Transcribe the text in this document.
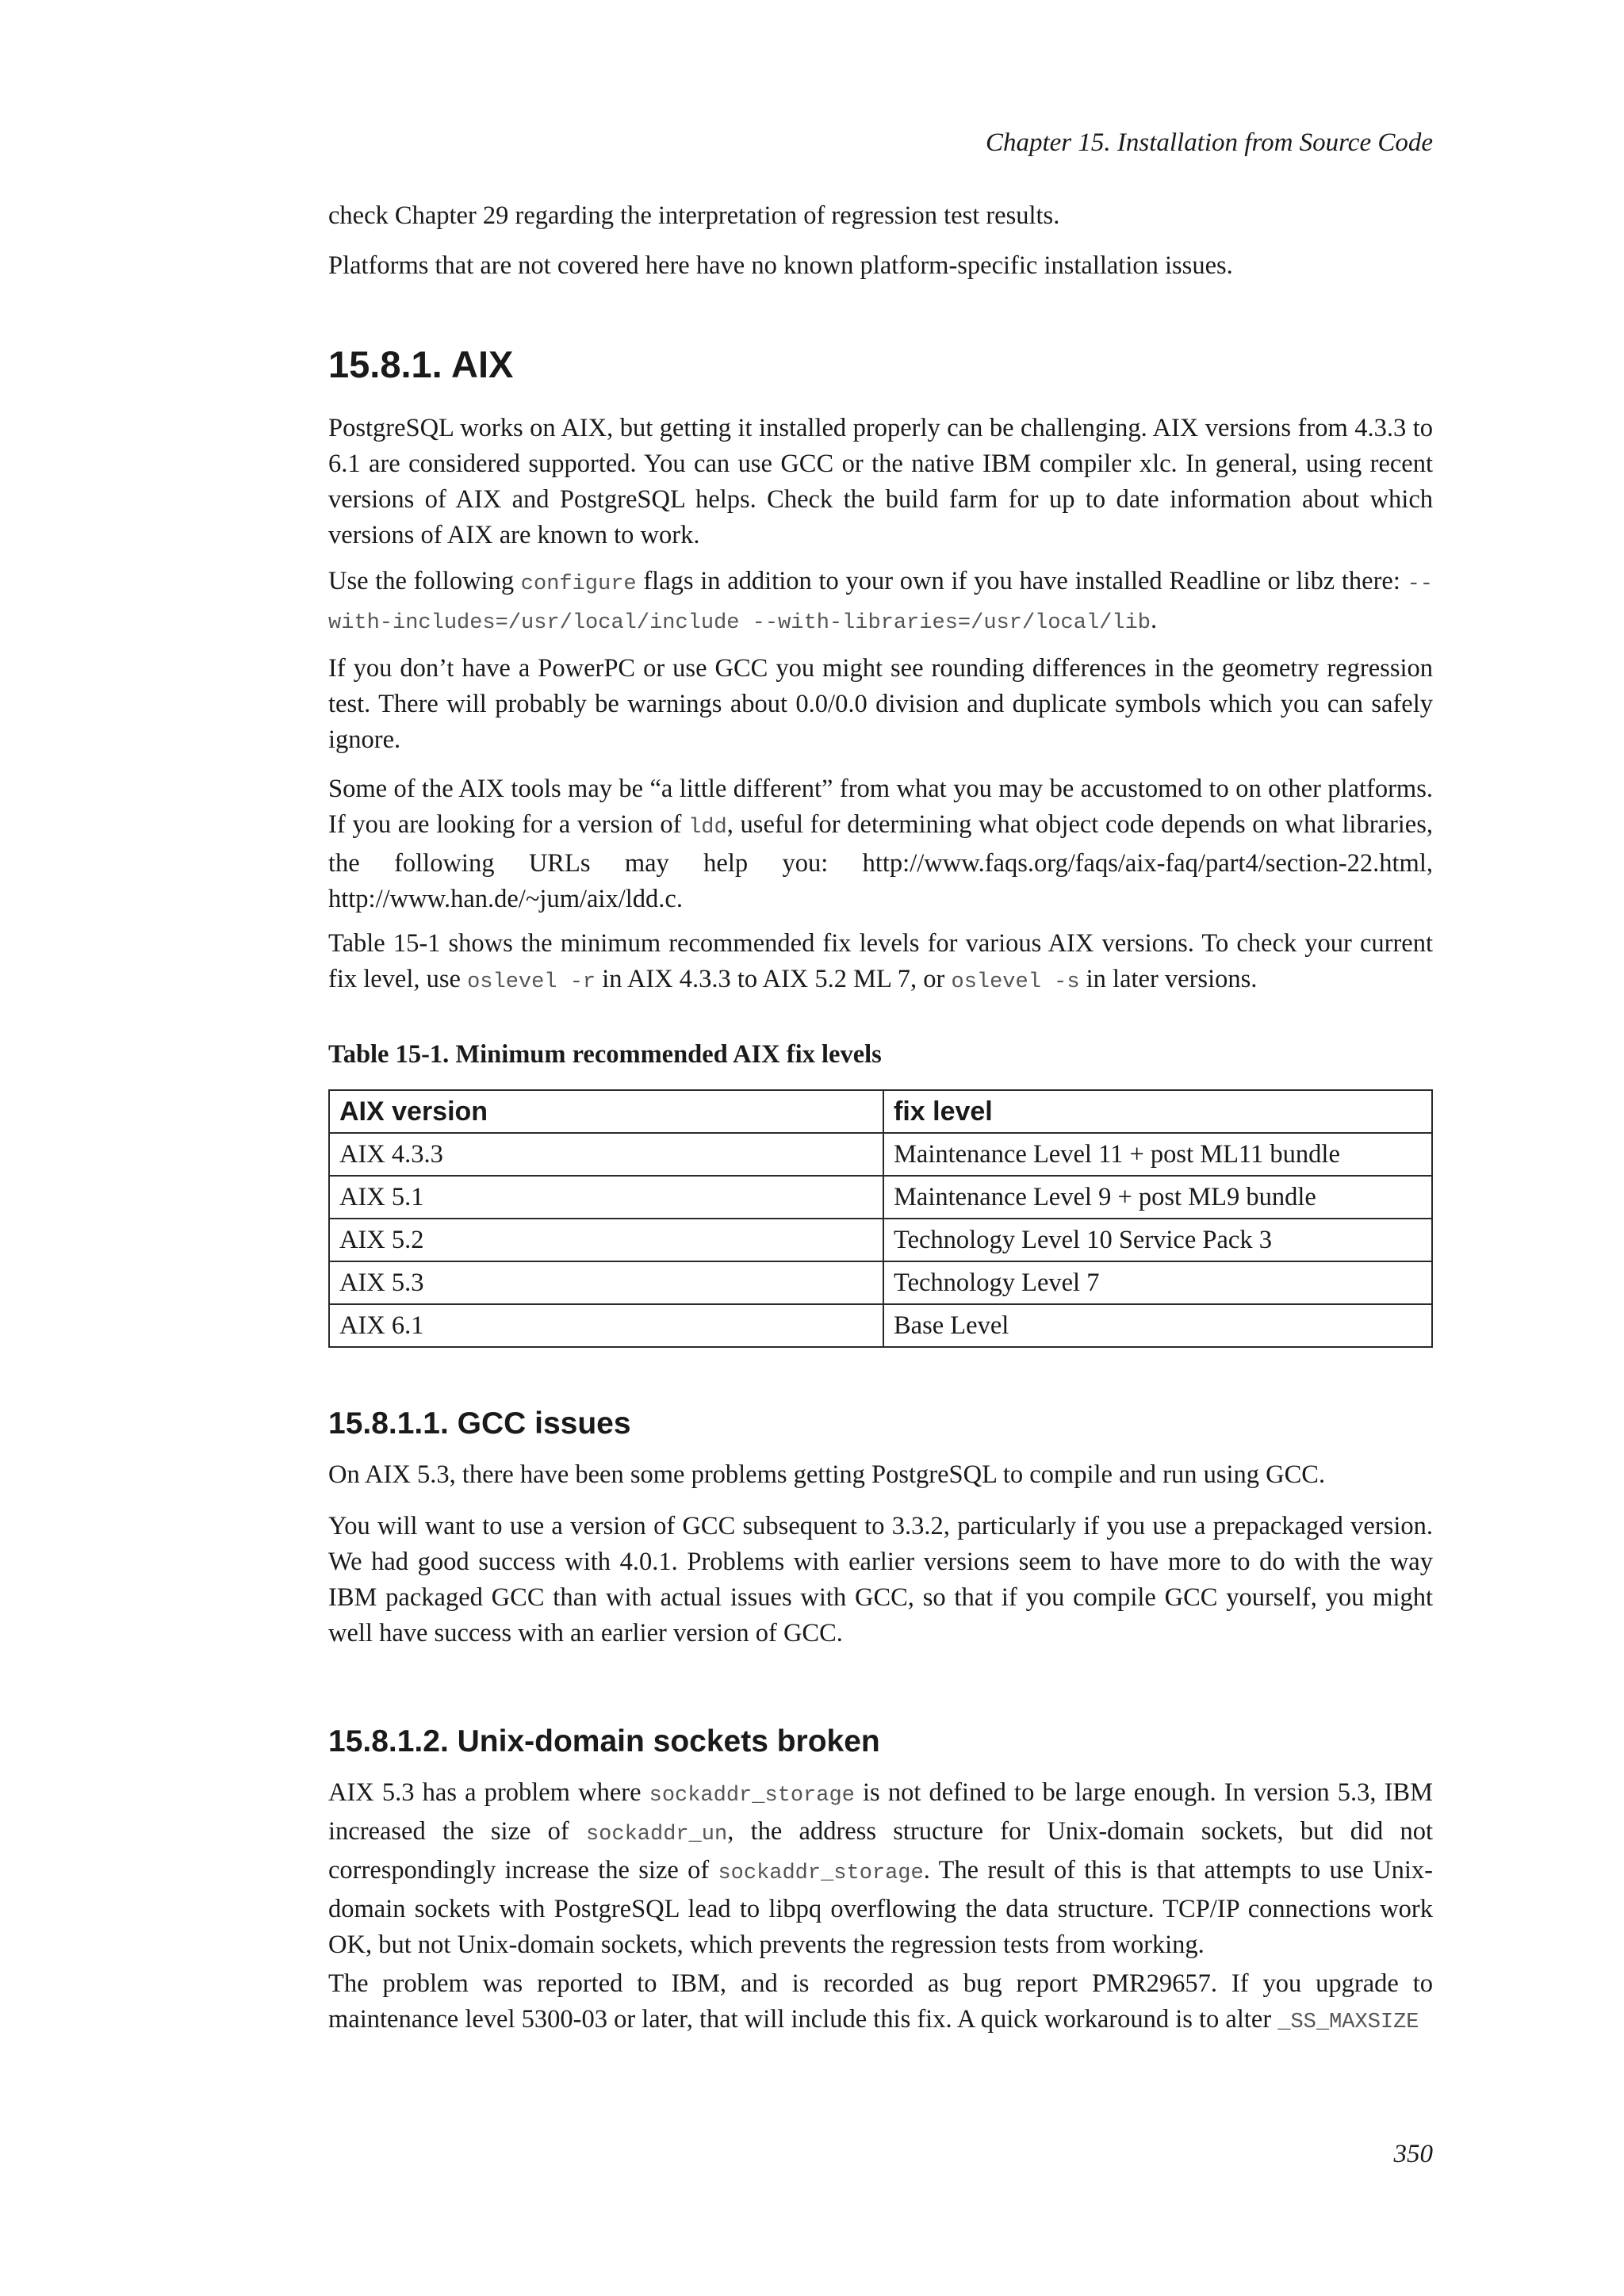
Chapter 15. Installation from Source Code

check Chapter 29 regarding the interpretation of regression test results.

Platforms that are not covered here have no known platform-specific installation issues.

15.8.1. AIX

PostgreSQL works on AIX, but getting it installed properly can be challenging. AIX versions from 4.3.3 to 6.1 are considered supported. You can use GCC or the native IBM compiler xlc. In general, using recent versions of AIX and PostgreSQL helps. Check the build farm for up to date information about which versions of AIX are known to work.

Use the following configure flags in addition to your own if you have installed Readline or libz there: --with-includes=/usr/local/include --with-libraries=/usr/local/lib.

If you don’t have a PowerPC or use GCC you might see rounding differences in the geometry regression test. There will probably be warnings about 0.0/0.0 division and duplicate symbols which you can safely ignore.

Some of the AIX tools may be “a little different” from what you may be accustomed to on other platforms. If you are looking for a version of ldd, useful for determining what object code depends on what libraries, the following URLs may help you: http://www.faqs.org/faqs/aix-faq/part4/section-22.html, http://www.han.de/~jum/aix/ldd.c.

Table 15-1 shows the minimum recommended fix levels for various AIX versions. To check your current fix level, use oslevel -r in AIX 4.3.3 to AIX 5.2 ML 7, or oslevel -s in later versions.

Table 15-1. Minimum recommended AIX fix levels
AIX version	fix level
AIX 4.3.3	Maintenance Level 11 + post ML11 bundle
AIX 5.1	Maintenance Level 9 + post ML9 bundle
AIX 5.2	Technology Level 10 Service Pack 3
AIX 5.3	Technology Level 7
AIX 6.1	Base Level
15.8.1.1. GCC issues

On AIX 5.3, there have been some problems getting PostgreSQL to compile and run using GCC.

You will want to use a version of GCC subsequent to 3.3.2, particularly if you use a prepackaged version. We had good success with 4.0.1. Problems with earlier versions seem to have more to do with the way IBM packaged GCC than with actual issues with GCC, so that if you compile GCC yourself, you might well have success with an earlier version of GCC.

15.8.1.2. Unix-domain sockets broken

AIX 5.3 has a problem where sockaddr_storage is not defined to be large enough. In version 5.3, IBM increased the size of sockaddr_un, the address structure for Unix-domain sockets, but did not correspondingly increase the size of sockaddr_storage. The result of this is that attempts to use Unix-domain sockets with PostgreSQL lead to libpq overflowing the data structure. TCP/IP connections work OK, but not Unix-domain sockets, which prevents the regression tests from working.

The problem was reported to IBM, and is recorded as bug report PMR29657. If you upgrade to maintenance level 5300-03 or later, that will include this fix. A quick workaround is to alter _SS_MAXSIZE

350
